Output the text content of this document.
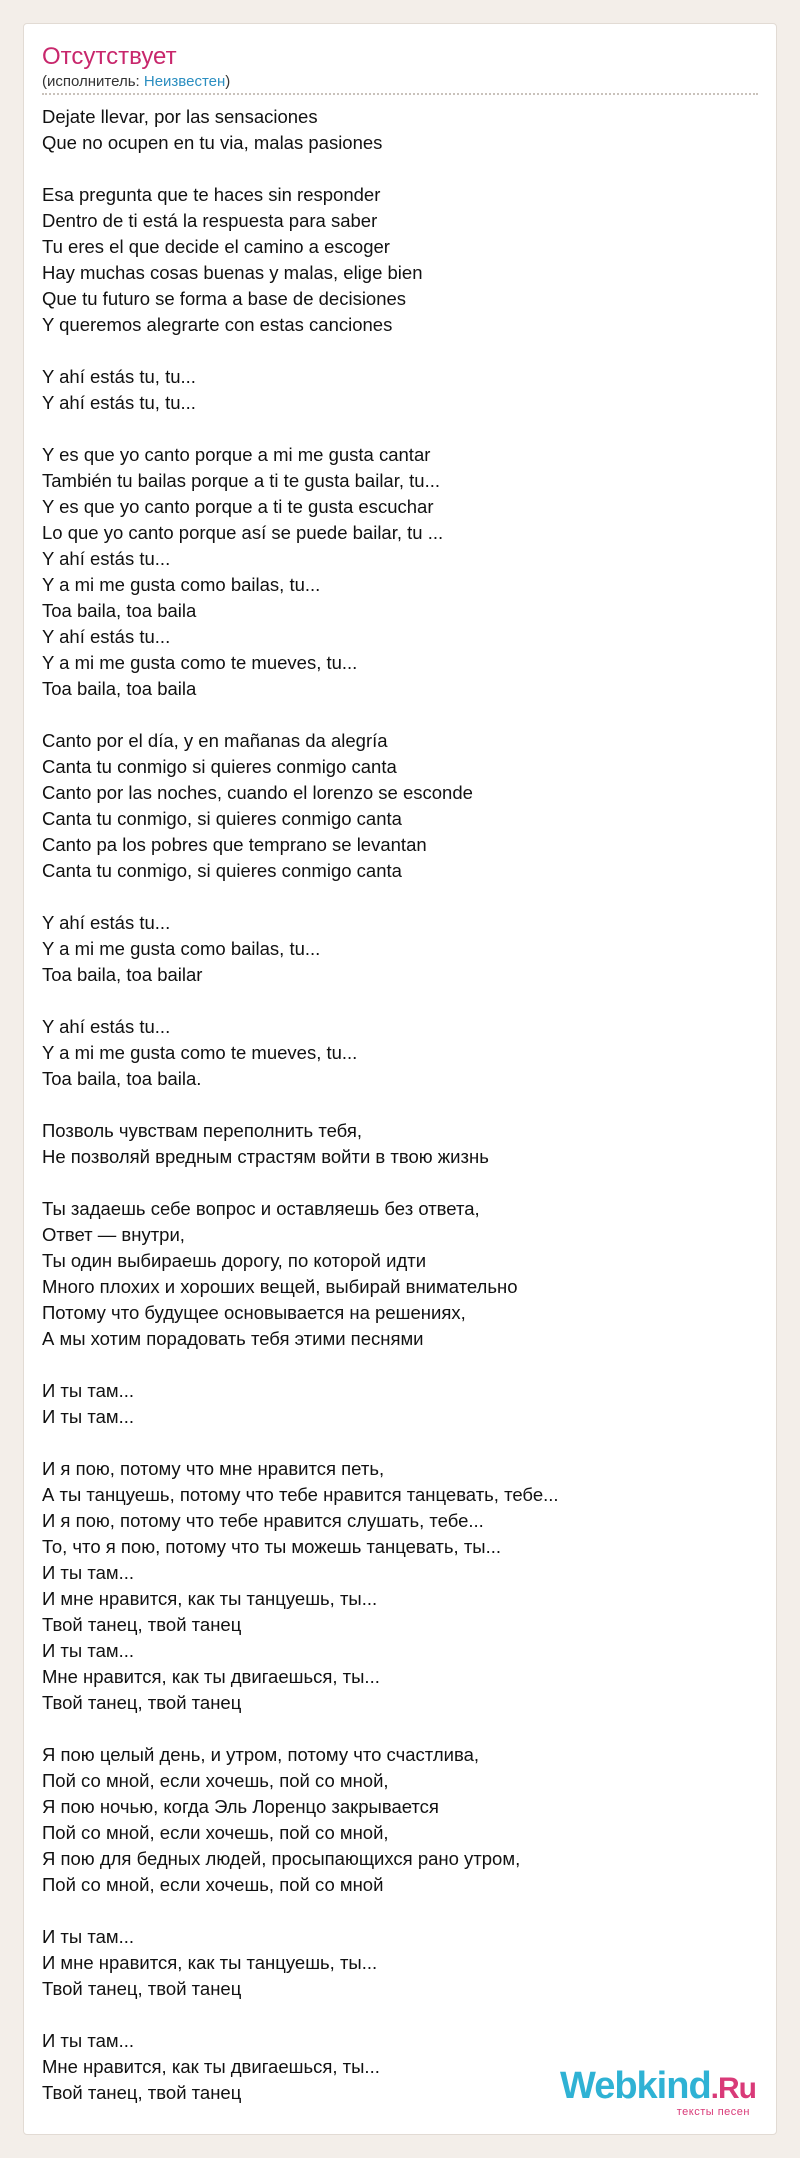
Отсутствует
(исполнитель: Неизвестен)
Dejate llevar, por las sensaciones
Que no ocupen en tu via, malas pasiones
Esa pregunta que te haces sin responder
Dentro de ti está la respuesta para saber
Tu eres el que decide el camino a escoger
Hay muchas cosas buenas y malas, elige bien
Que tu futuro se forma a base de decisiones
Y queremos alegrarte con estas canciones
Y ahí estás tu, tu...
Y ahí estás tu, tu...
Y es que yo canto porque a mi me gusta cantar
También tu bailas porque a ti te gusta bailar, tu...
Y es que yo canto porque a ti te gusta escuchar
Lo que yo canto porque así se puede bailar, tu ...
Y ahí estás tu...
Y a mi me gusta como bailas, tu...
Toa baila, toa baila
Y ahí estás tu...
Y a mi me gusta como te mueves, tu...
Toa baila, toa baila
Canto por el día, y en mañanas da alegría
Canta tu conmigo si quieres conmigo canta
Canto por las noches, cuando el lorenzo se esconde
Canta tu conmigo, si quieres conmigo canta
Canto pa los pobres que temprano se levantan
Canta tu conmigo, si quieres conmigo canta
Y ahí estás tu...
Y a mi me gusta como bailas, tu...
Toa baila, toa bailar
Y ahí estás tu...
Y a mi me gusta como te mueves, tu...
Toa baila, toa baila.
Позволь чувствам переполнить тебя,
Не позволяй вредным страстям войти в твою жизнь
Ты задаешь себе вопрос и оставляешь без ответа,
Ответ — внутри,
Ты один выбираешь дорогу, по которой идти
Много плохих и хороших вещей, выбирай внимательно
Потому что будущее основывается на решениях,
А мы хотим порадовать тебя этими песнями
И ты там...
И ты там...
И я пою, потому что мне нравится петь,
А ты танцуешь, потому что тебе нравится танцевать, тебе...
И я пою, потому что тебе нравится слушать, тебе...
То, что я пою, потому что ты можешь танцевать, ты...
И ты там...
И мне нравится, как ты танцуешь, ты...
Твой танец, твой танец
И ты там...
Мне нравится, как ты двигаешься, ты...
Твой танец, твой танец
Я пою целый день, и утром, потому что счастлива,
Пой со мной, если хочешь, пой со мной,
Я пою ночью, когда Эль Лоренцо закрывается
Пой со мной, если хочешь, пой со мной,
Я пою для бедных людей, просыпающихся рано утром,
Пой со мной, если хочешь, пой со мной
И ты там...
И мне нравится, как ты танцуешь, ты...
Твой танец, твой танец
И ты там...
Мне нравится, как ты двигаешься, ты...
Твой танец, твой танец	Webkind.Ru
тексты песен
